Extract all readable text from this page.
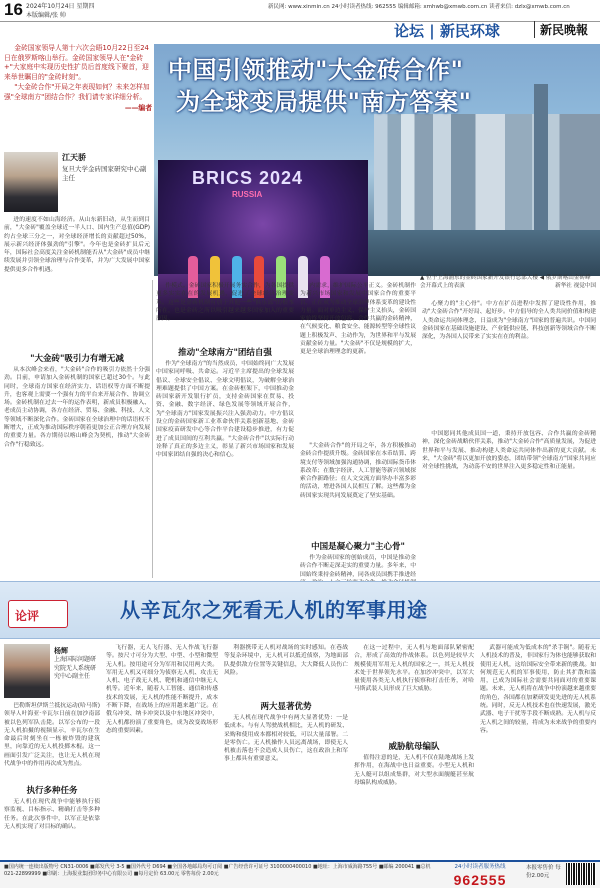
16 2024年10月24日 星期四
本版编辑/张 帅
新民网: www.xinmin.cn 24小时读者热线: 962555 编辑邮箱: xmhwb@xmwb.com.cn 读者来信: dzlx@xmwb.com.cn
论坛 | 新民环球	新民晚報

金砖国家领导人第十六次会晤10月22日至24日在俄罗斯喀山举行。金砖国家领导人在"金砖+"大家庭中实现历史性扩员后首度线下聚首，迎来举世瞩目的"金砖时刻"。

"大金砖合作"开局之年表现如何？未来怎样加强"全球南方"团结合作？我们请专家详细分析。

——编者

BRICS 2024
RUSSIA
中国引领推动"大金砖合作"
为全球变局提供"南方答案"
江天骄
复旦大学金砖国家研究中心副主任
▲ 位于上海浦东的金砖国家新开发银行总部大楼 ◀ 俄罗斯喀山金砖峰会开幕式上的表演	新华社 视觉中国
进的速度不如山海经济。从山东新旧动，从生而到目前，"大金砖"覆盖全球近一半人口、国内生产总值(GDP)约占全球三分之一，对全球经济增长的贡献超过50%，展示新兴经济体强劲的"引擎"。今年也是金砖扩员后元年，国际社会高度关注金砖机制能否从"大金砖"成员中继续发展并引领全球治理与合作变革，并为广大发展中国家提供更多合作机遇。
"大金砖"吸引力有增无减
从本次峰会来看，"大金砖"合作的吸引力依然十分强劲。目前，申请加入金砖机制的国家已超过30个。与此同时，全球南方国家在经济实力、话语权等方面不断提升，也客观上需要一个强有力的平台来开展合作、协调立场。金砖机制在过去一年的运作表明，新成员积极融入、老成员主动协调，各方在经济、贸易、金融、科技、人文等领域不断深化合作。金砖国家在全球治理中的话语权不断增大，正成为推动国际秩序朝着更加公正合理方向发展的重要力量。各方期待以喀山峰会为契机，推动"大金砖合作"行稳致远。
作模式。金砖国家积极开展务实合作，为各国提供更多实实在在的发展机遇，促进了全球经济治理变革。这些是金砖机制有别于其他一些"俱乐部"的根本所在，也是金砖之所以吸引越来越多国家加入的重要原因。
推动"全球南方"团结自强
作为"全球南方"的当然成员，中国始终同广大发展中国家同呼吸、共命运。习近平主席提出的全球发展倡议、全球安全倡议、全球文明倡议，为破解全球治理难题提供了中国方案。在金砖框架下，中国推动金砖国家新开发银行扩员，支持金砖国家在贸易、投资、金融、数字经济、绿色发展等领域开展合作，为"全球南方"国家发展振兴注入强劲动力。中方倡议设立的金砖国家新工业革命伙伴关系创新基地、金砖国家疫苗研发中心等合作平台建设稳步推进，有力促进了成员国间的互利共赢。"大金砖合作"以实际行动诠释了真正的多边主义，彰显了新兴市场国家和发展中国家团结自强的决心和信心。
内需求，维护国际公平正义。金砖机制作为新兴市场国家和发展中国家合作的重要平台，正在成为推动全球治理体系变革的建设性力量。面对单边主义、保护主义抬头，金砖国家始终坚持开放包容、合作共赢的金砖精神，在气候变化、粮食安全、能源转型等全球性议题上积极发声、主动作为，为世界和平与发展贡献金砖力量。"大金砖"不仅是规模的扩大，更是全球治理理念的更新。
"大金砖合作"的开局之年，各方积极推动金砖合作提质升级。金砖国家在本币结算、跨境支付等领域加强沟通协调，推动国际货币体系改革；在数字经济、人工智能等新兴领域探索合作新路径；在人文交流方面举办丰富多彩的活动，增进各国人民相互了解。这些都为金砖国家实现共同发展奠定了坚实基础。
中国是凝心聚力"主心骨"
作为金砖国家的创始成员，中国是推动金砖合作不断走深走实的重要力量。多年来，中国始终秉持金砖精神，同各成员国携手推进经
心聚力的"主心骨"。中方在扩员进程中发挥了建设性作用，推动"大金砖合作"开好局、起好步。中方倡导的全人类共同价值和构建人类命运共同体理念，日益成为"全球南方"国家的普遍共识。中国同金砖国家在基础设施建设、产业链供应链、科技创新等领域合作不断深化，为各国人民带来了实实在在的利益。
中国愿同其他成员国一道，秉持开放包容、合作共赢的金砖精神，深化金砖战略伙伴关系，推动"大金砖合作"高质量发展，为促进世界和平与发展、推动构建人类命运共同体作出新的更大贡献。未来，"大金砖"将以更加开放的姿态，团结带领"全球南方"国家共同应对全球性挑战，为动荡不安的世界注入更多稳定性和正能量。
论评	从辛瓦尔之死看无人机的军事用途
杨辉
上海国际问题研究院无人系统研究中心副主任
巴勒斯坦伊斯兰抵抗运动(哈马斯)领导人叶海亚·辛瓦尔日前在加沙南部被以色列军队击毙。以军公布的一段无人机拍摄的视频显示，辛瓦尔在生命最后时刻坐在一栋被炸毁的建筑里，向靠近的无人机投掷木棍。这一画面引发广泛关注，也让无人机在现代战争中的作用再次成为焦点。
执行多种任务
无人机在现代战争中能够执行侦察监视、目标指示、精确打击等多种任务。在此次事件中，以军正是依靠无人机实现了对目标的确认。
飞行器，无人飞行器、无人作战飞行器等。按尺寸可分为大型、中型、小型和微型无人机。按用途可分为军用和民用两大类。军用无人机又可细分为侦察无人机、攻击无人机、电子战无人机、靶机和通信中继无人机等。近年来，随着人工智能、通信和传感技术的发展，无人机的性能不断提升，成本不断下降，在战场上的应用越来越广泛。在俄乌冲突、纳卡冲突以及中东地区冲突中，无人机都扮演了重要角色，成为改变战场形态的重要因素。
利器携带无人机对战场的实时感知。在巷战等复杂环境中，无人机可以抵近侦察，为地面部队提供敌方位置等关键信息，大大降低人员伤亡风险。
两大显著优势
无人机在现代战争中有两大显著优势：一是低成本。与有人驾驶战机相比，无人机的研发、采购和使用成本都相对较低，可以大量部署。二是零伤亡。无人机操作人员远离战场，即使无人机被击落也不会造成人员伤亡，这在政治上和军事上都具有重要意义。
在这一过程中，无人机与地面部队紧密配合，形成了高效的作战体系。以色列是较早大规模使用军用无人机的国家之一，其无人机技术处于世界领先水平。在加沙冲突中，以军大量使用各类无人机执行侦察和打击任务，对哈马斯武装人员形成了巨大威胁。
威胁航母编队
值得注意的是，无人机不仅在陆地战场上发挥作用，在海战中也日益重要。小型无人机和无人艇可以组成集群，对大型水面舰艇甚至航母编队构成威胁。
武器可能成为低成本的"杀手锏"。随着无人机技术的普及，非国家行为体也能够获取和使用无人机，这给国际安全带来新的挑战。如何规范无人机的军事使用，防止其扩散和滥用，已成为国际社会需要共同面对的重要课题。未来，无人机将在战争中扮演越来越重要的角色，各国都在加紧研发更先进的无人机系统。同时，反无人机技术也在快速发展，激光武器、电子干扰等手段不断成熟。无人机与反无人机之间的较量，将成为未来战争的重要内容。
■国内统一连续出版物号 CN31-0006 ■邮发代号 3-5 ■国外代号 D694 ■全国各地邮局均可订阅 ■广告经营许可证号 3100000400010 ■地址：上海市威海路755号 ■邮编 200041 ■总机 021-22899999 ■印刷：上海报业集团印务中心有限公司 ■每月定价 63.00元 零售每份 2.00元
24小时读者服务热线
962555
本报零售价 每份2.00元
